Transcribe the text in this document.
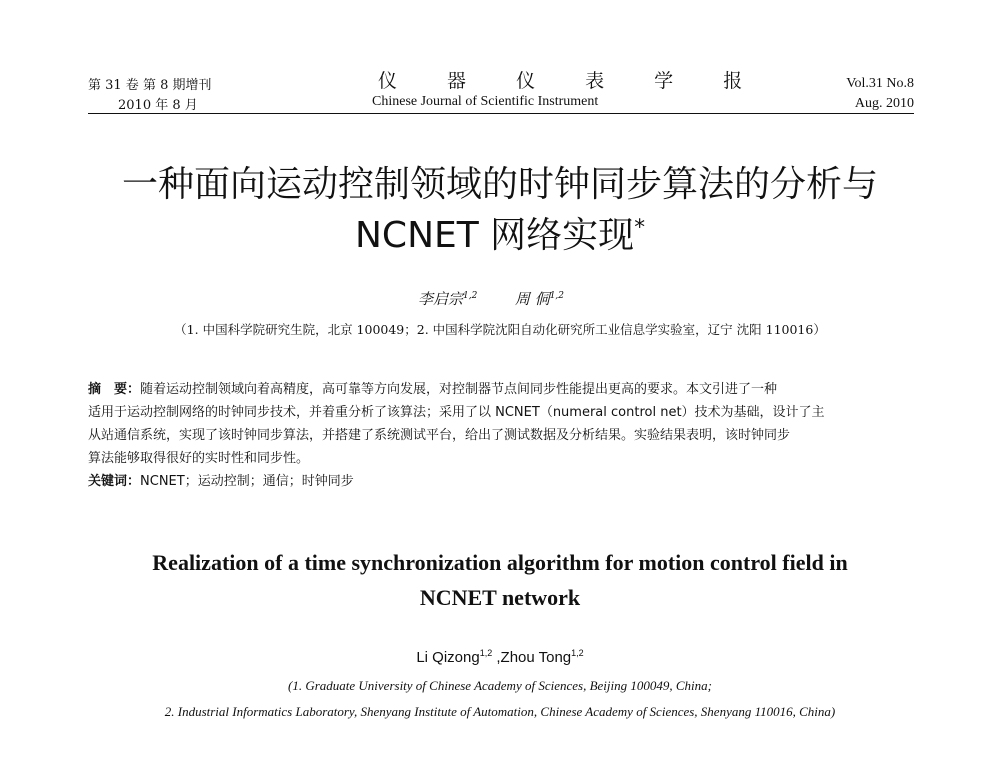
第 31 卷 第 8 期增刊
2010 年 8 月
仪 器 仪 表 学 报
Chinese Journal of Scientific Instrument
Vol.31 No.8
Aug. 2010
一种面向运动控制领域的时钟同步算法的分析与
NCNET 网络实现*
李启宗$^{1,2}$	周 侗$^{1,2}$
（1. 中国科学院研究生院，北京 100049；2. 中国科学院沈阳自动化研究所工业信息学实验室，辽宁 沈阳 110016）
摘　要：随着运动控制领域向着高精度，高可靠等方向发展，对控制器节点间同步性能提出更高的要求。本文引进了一种
适用于运动控制网络的时钟同步技术，并着重分析了该算法；采用了以 NCNET（numeral control net）技术为基础，设计了主
从站通信系统，实现了该时钟同步算法，并搭建了系统测试平台，给出了测试数据及分析结果。实验结果表明，该时钟同步
算法能够取得很好的实时性和同步性。
关键词：NCNET；运动控制；通信；时钟同步
Realization of a time synchronization algorithm for motion control field in
NCNET network
Li Qizong$^{1,2}$ ,Zhou Tong$^{1,2}$
(1. Graduate University of Chinese Academy of Sciences, Beijing 100049, China;
2. Industrial Informatics Laboratory, Shenyang Institute of Automation, Chinese Academy of Sciences, Shenyang 110016, China)
